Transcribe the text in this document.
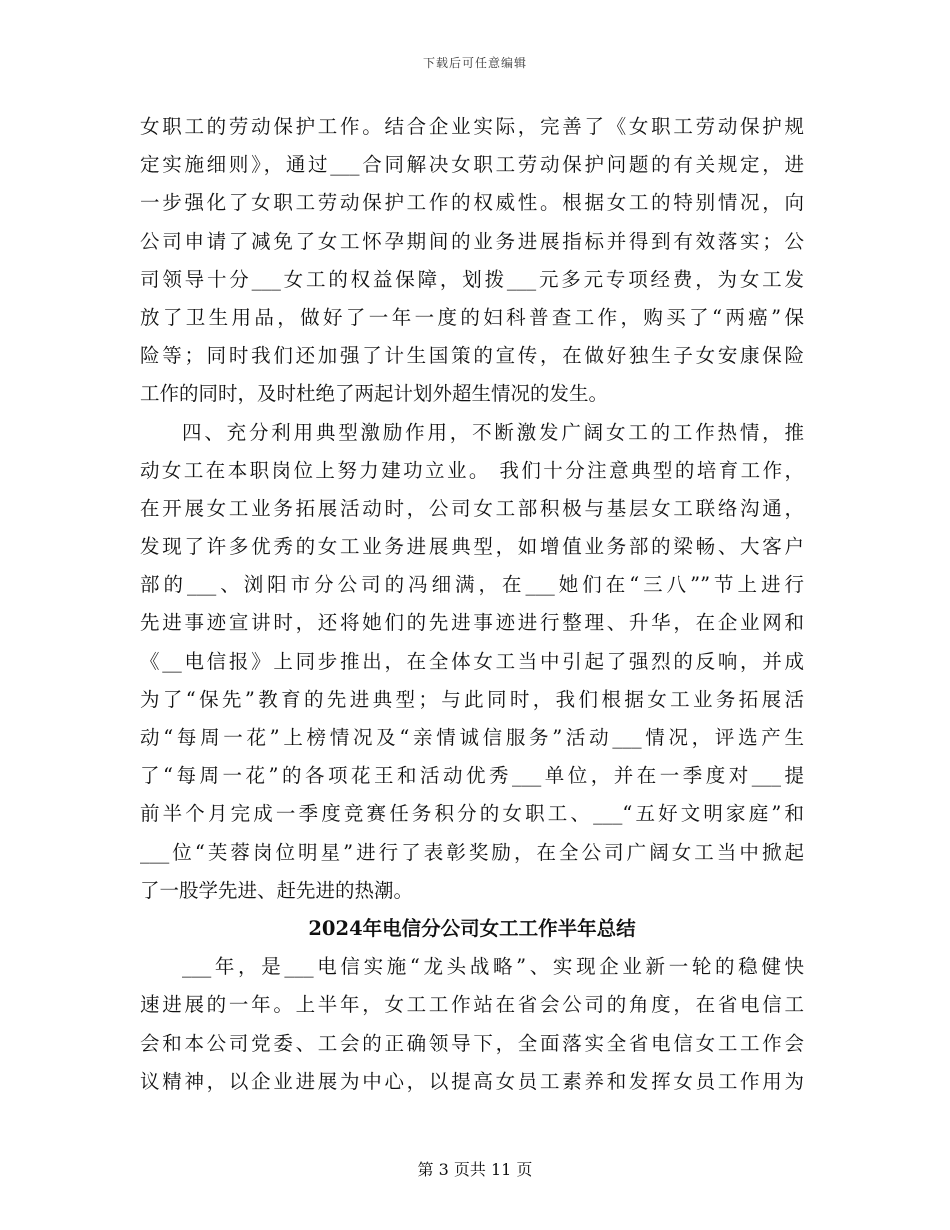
下载后可任意编辑
女职工的劳动保护工作。结合企业实际，完善了《女职工劳动保护规
定实施细则》，通过___合同解决女职工劳动保护问题的有关规定，进
一步强化了女职工劳动保护工作的权威性。根据女工的特别情况，向
公司申请了减免了女工怀孕期间的业务进展指标并得到有效落实；公
司领导十分___女工的权益保障，划拨___元多元专项经费，为女工发
放了卫生用品，做好了一年一度的妇科普查工作，购买了“两癌”保
险等；同时我们还加强了计生国策的宣传，在做好独生子女安康保险
工作的同时，及时杜绝了两起计划外超生情况的发生。
四、充分利用典型激励作用，不断激发广阔女工的工作热情，推
动女工在本职岗位上努力建功立业。 我们十分注意典型的培育工作，
在开展女工业务拓展活动时，公司女工部积极与基层女工联络沟通，
发现了许多优秀的女工业务进展典型，如增值业务部的梁畅、大客户
部的___、浏阳市分公司的冯细满，在___她们在“三八””节上进行
先进事迹宣讲时，还将她们的先进事迹进行整理、升华，在企业网和
《__电信报》上同步推出，在全体女工当中引起了强烈的反响，并成
为了“保先”教育的先进典型；与此同时，我们根据女工业务拓展活
动“每周一花”上榜情况及“亲情诚信服务”活动___情况，评选产生
了“每周一花”的各项花王和活动优秀___单位，并在一季度对___提
前半个月完成一季度竞赛任务积分的女职工、___“五好文明家庭”和
___位“芙蓉岗位明星”进行了表彰奖励，在全公司广阔女工当中掀起
了一股学先进、赶先进的热潮。
2024年电信分公司女工工作半年总结
___年，是___电信实施“龙头战略”、实现企业新一轮的稳健快
速进展的一年。上半年，女工工作站在省会公司的角度，在省电信工
会和本公司党委、工会的正确领导下，全面落实全省电信女工工作会
议精神，以企业进展为中心，以提高女员工素养和发挥女员工作用为
第 3 页共 11 页
